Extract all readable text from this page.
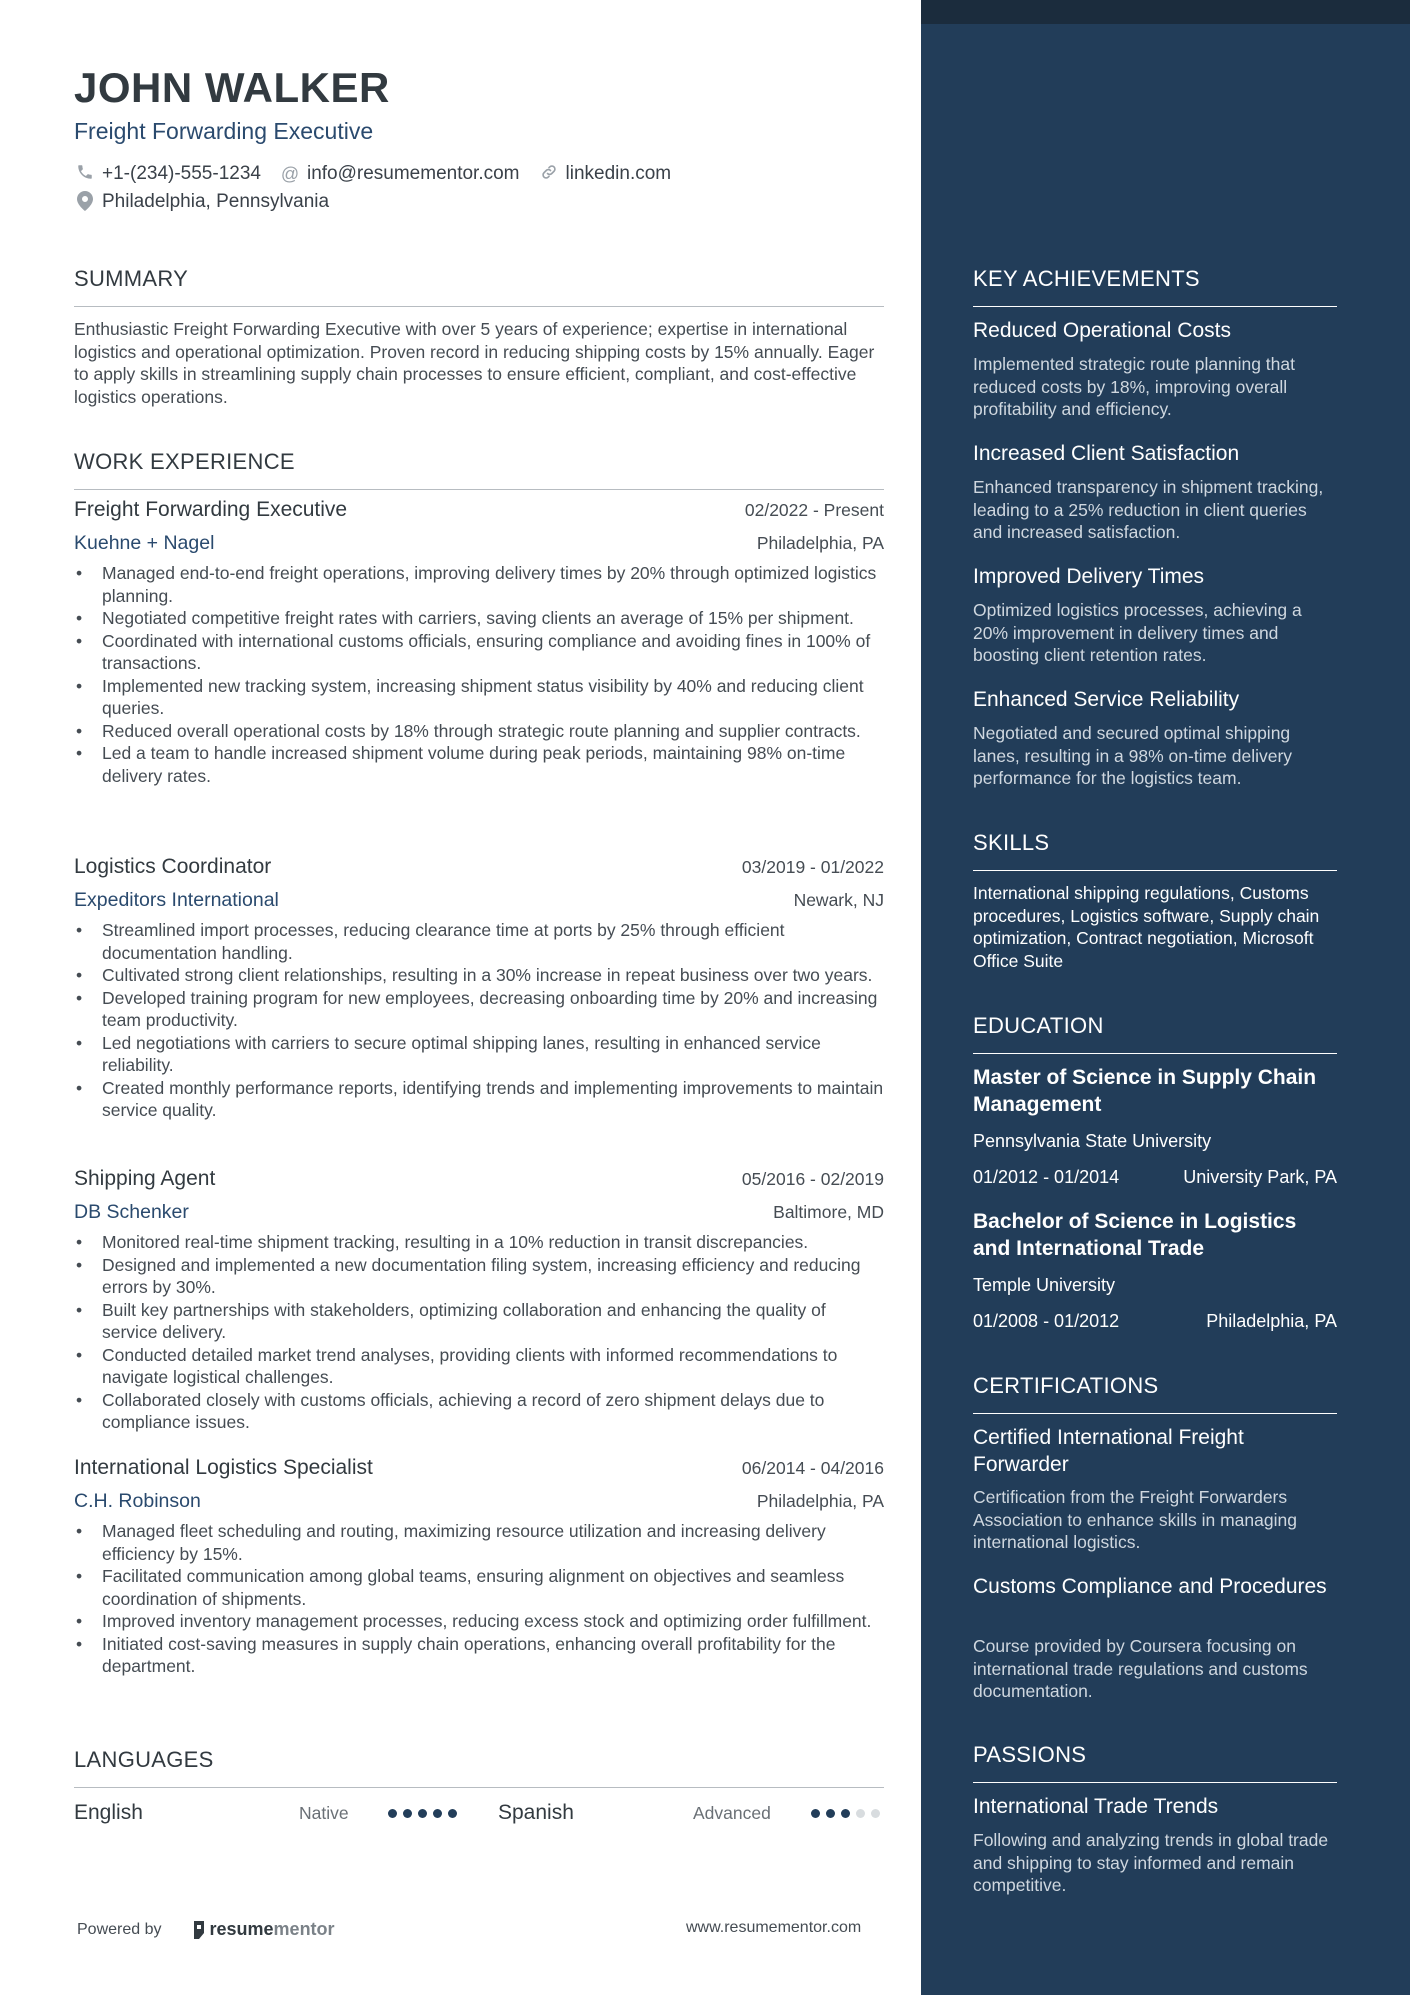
JOHN WALKER
Freight Forwarding Executive
+1-(234)-555-1234 @ info@resumementor.com linkedin.com
Philadelphia, Pennsylvania
SUMMARY
Enthusiastic Freight Forwarding Executive with over 5 years of experience; expertise in international logistics and operational optimization. Proven record in reducing shipping costs by 15% annually. Eager to apply skills in streamlining supply chain processes to ensure efficient, compliant, and cost-effective logistics operations.
WORK EXPERIENCE
Freight Forwarding Executive	02/2022 - Present
Kuehne + Nagel	Philadelphia, PA
• Managed end-to-end freight operations, improving delivery times by 20% through optimized logistics planning.
• Negotiated competitive freight rates with carriers, saving clients an average of 15% per shipment.
• Coordinated with international customs officials, ensuring compliance and avoiding fines in 100% of transactions.
• Implemented new tracking system, increasing shipment status visibility by 40% and reducing client queries.
• Reduced overall operational costs by 18% through strategic route planning and supplier contracts.
• Led a team to handle increased shipment volume during peak periods, maintaining 98% on-time delivery rates.
Logistics Coordinator	03/2019 - 01/2022
Expeditors International	Newark, NJ
• Streamlined import processes, reducing clearance time at ports by 25% through efficient documentation handling.
• Cultivated strong client relationships, resulting in a 30% increase in repeat business over two years.
• Developed training program for new employees, decreasing onboarding time by 20% and increasing team productivity.
• Led negotiations with carriers to secure optimal shipping lanes, resulting in enhanced service reliability.
• Created monthly performance reports, identifying trends and implementing improvements to maintain service quality.
Shipping Agent	05/2016 - 02/2019
DB Schenker	Baltimore, MD
• Monitored real-time shipment tracking, resulting in a 10% reduction in transit discrepancies.
• Designed and implemented a new documentation filing system, increasing efficiency and reducing errors by 30%.
• Built key partnerships with stakeholders, optimizing collaboration and enhancing the quality of service delivery.
• Conducted detailed market trend analyses, providing clients with informed recommendations to navigate logistical challenges.
• Collaborated closely with customs officials, achieving a record of zero shipment delays due to compliance issues.
International Logistics Specialist	06/2014 - 04/2016
C.H. Robinson	Philadelphia, PA
• Managed fleet scheduling and routing, maximizing resource utilization and increasing delivery efficiency by 15%.
• Facilitated communication among global teams, ensuring alignment on objectives and seamless coordination of shipments.
• Improved inventory management processes, reducing excess stock and optimizing order fulfillment.
• Initiated cost-saving measures in supply chain operations, enhancing overall profitability for the department.
LANGUAGES
English	Native	Spanish	Advanced
Powered by	resume mentor	www.resumementor.com
KEY ACHIEVEMENTS
Reduced Operational Costs
Implemented strategic route planning that reduced costs by 18%, improving overall profitability and efficiency.
Increased Client Satisfaction
Enhanced transparency in shipment tracking, leading to a 25% reduction in client queries and increased satisfaction.
Improved Delivery Times
Optimized logistics processes, achieving a 20% improvement in delivery times and boosting client retention rates.
Enhanced Service Reliability
Negotiated and secured optimal shipping lanes, resulting in a 98% on-time delivery performance for the logistics team.
SKILLS
International shipping regulations, Customs procedures, Logistics software, Supply chain optimization, Contract negotiation, Microsoft Office Suite
EDUCATION
Master of Science in Supply Chain Management
Pennsylvania State University
01/2012 - 01/2014	University Park, PA
Bachelor of Science in Logistics and International Trade
Temple University
01/2008 - 01/2012	Philadelphia, PA
CERTIFICATIONS
Certified International Freight Forwarder
Certification from the Freight Forwarders Association to enhance skills in managing international logistics.
Customs Compliance and Procedures
Course provided by Coursera focusing on international trade regulations and customs documentation.
PASSIONS
International Trade Trends
Following and analyzing trends in global trade and shipping to stay informed and remain competitive.
